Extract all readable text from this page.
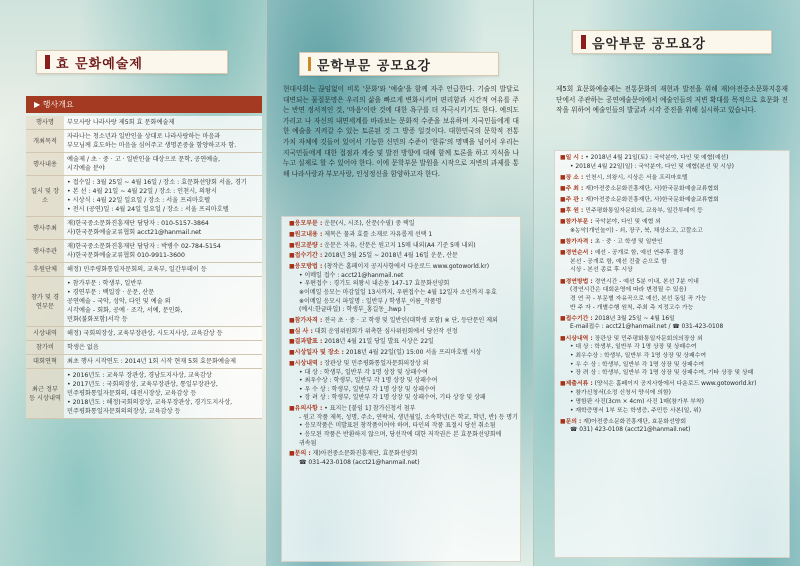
효 문화예술제
▶ 행사개요
행사명	부모사랑 나라사랑 제5회 효 문화예술제

개최목적	자라나는 청소년과 일반인을 상대로 나라사랑하는 마음과
부모님께 효도하는 마음을 심어주고 생명존중을 함양하고자 함.

행사내용	예술제 / 초 · 중 · 고 · 일반인을 대상으로 문학, 공연예술,
시각예술 분야

일시 및 장소	• 접수일 : 3월 25일 ~ 4월 16일 / 장소 : 효문화선양회 서울, 경기
• 본 선 : 4월 21일 ~ 4월 22일 / 장소 : 인천시, 의왕시
• 시상식 : 4월 22일 일요일 / 장소 : 서울 프리마호텔
• 전시 (공연)일 : 4월 24일 일요일 / 장소 : 서울 프리마호텔

행사주최	재)한국중소문화진흥재단 담당자 : 010-5157-3864
사)한국문화예술교류협회 acct21@hanmail.net

행사주관	재)한국중소문화진흥재단 담당자 : 박병수 02-784-5154
사)한국문화예술교류협회 010-9911-3600

후원단체	해정) 민주평화통일자문회의, 교육부, 일간투데이 등

참가 및 경연부문	• 참가부문 : 학생부, 일반부
• 경연부문 : 백일장 · 운문, 산문
공연예술 - 국악, 성악, 다인 및 예술 외
시각예술 - 회화, 공예 · 조각, 서예, 문인화,
민화(불화포함)서각 등

시상내역	해정) 국회의장상, 교육부장관상, 시도지사상, 교육감상 등

참가비	학생은 없음

대회연혁	최초 행사 시작연도 : 2014년 1회 시작 현재 5회 효문화예술제

최근 정부 등 시상내역	• 2016년도 : 교육부 장관상, 경남도지사상, 교육감상
• 2017년도 : 국회의장상, 교육부장관상, 통일부장관상,
민주평화통일자문회의, 대전시장상, 교육감상 등
• 2018년도 : 해정)국회의장상, 교육부장관상, 경기도지사상,
민주평화통일자문회의의장상, 교육감상 등
문학부문 공모요강
현대사회는 끊임없이 비록 '문화'와 '예술'을 함께 자주 언급한다. 기술의 발달로 대변되는 물질문명은 우리의 삶을 빠르게 변화시키며 편리함과 시간적 여유를 주는 반면 정서적인 것, '마음'이란 것에 대한 욕구를 더 자극시키기도 한다. 예의도 가리고 나 자신의 내면세계를 바라보는 문화적 수준을 보유하며 지국민들에게 대한 예술을 지켜갈 수 있는 토론된 것 그 방증 일것이다. 대한민국의 문학적 전통 가치 자체에 깃들어 있어서 기능한 신민의 수준이 '한류'의 명맥을 넘어서 우리는 지국민들에게 대한 접점과 계승 및 발전 방향에 대해 함께 토론을 하고 지식을 나누고 실제로 할 수 있어야 한다. 이에 문학부문 발원을 시작으로 저변의 과제를 통해 나라사랑과 부모사랑, 인성정신을 함양하고자 한다.
■응모부문 : 운문(시, 시조), 산문(수필) 중 택일
■원고내용 : 제목은 물과 효를 소재로 자유롭게 선택 1
■원고분량 : 운문은 자유, 산문은 원고지 15매 내외(A4 기준 5매 내외)
■접수기간 : 2018년 3월 25일 ~ 2018년 4월 16일 운문, 산문
■응모방법 : (창작은 홈페이지 공지사항에서 다운로드 www.gotoworld.kr)
• 이메일 접수 : acct21@hanmail.net
• 우편접수 : 경기도 의왕시 내손동 147-17 효문화선양회
※이메일 응모는 마감일일 13시까지, 우편접수는 4월 12일자 소인까지 유효
※이메일 응모시 파일명 : 일반부 / 학생부_이름_작품명
(예시:한글파일) : 학생부_홍길동_.hwp )
■참가자격 : 전국 초 · 중 · 고 학생 및 일반인(대학생 포함) ※ 단, 등단문인 제외
■심 사 : 대회 운영위원회가 위촉한 심사위원회에서 당선작 선정
■결과발표 : 2018년 4월 21일 당일 발표 시상은 22일
■시상일자 및 장소 : 2018년 4월 22일(일) 15:00 서울 프리마호텔 시상
■시상내역 : 장관상 및 민주평화통일자문회의장상 외
• 대 상 : 학생부, 일반부 각 1명 상장 및 상패수여
• 최우수상 : 학생부, 일반부 각 1명 상장 및 상패수여
• 우 수 상 : 학생부, 일반부 각 1명 상장 및 상패수여
• 장 려 상 : 학생부, 일반부 각 1명 상장 및 상패수여, 기타 상장 및 상패
■유의사항 : • 표지는 [붙임 1] 참가신청서 첨부
- 원고 작품 제목, 성명, 주소, 연락처, 생년월일, 소속학년(은 학교, 학년, 반) 등 명기
• 응모작품은 미발표된 창작품이어야 하며, 타인의 작품 표절시 당선 취소됨
• 응모된 작품은 반환하지 않으며, 당선작에 대한 저작권은 본 효문화선양회에
귀속됨
■문의 : 재)아전중소문화진흥재단, 효문화선양회
☎ 031-423-0108 (acct21@hanmail.net)
음악부문 공모요강
제5회 효문화예술제는 전통문화의 재현과 발전을 위해 재)아전중소문화지흥재단에서 주관하는 공연예술문야에서 예술인들의 저변 확대를 목적으로 효문화 진작을 위하여 예술인들의 발굴과 시각 증진을 위해 실시하고 있습니다.
■일 시 : • 2018년 4월 21일(토) : 국악분야, 다인 및 예협(예선)
• 2018년 4월 22일(일) : 국악분야, 다인 및 예협(본선 및 시상)
■장 소 : 인천시, 의왕시, 시상은 서울 프리마호텔
■주 최 : 재)아전중소문화진흥재단, 사)한국문화예술교류협회
■주 관 : 재)아전중소문화진흥재단, 사)한국문화예술교류협회
■후 원 : 민주평화통일자문회의, 교육부, 일간투데이 등
■참가부문 : 국악분야, 다인 및 예협 외
※농악(개인놀이) - 쇠, 장구, 북, 채상소고, 고깔소고
■참가자격 : 초 · 중 · 고 학생 및 일반인
■경연순서 : 예선 - 공개로 함, 예선 연주후 결정
본선 - 공개로 함, 예선 진출 순으로 함
시상 - 본선 종료 후 시상
■경연방법 : 경연시간 - 예선 5분 이내, 본선 7분 이내
(경연시간은 대회운영에 따라 변경될 수 있음)
경 연 곡 - 부문별 자유곡으로 예선, 본선 동일 곡 가능
반 주 자 - 개별수행 원칙, 주최 측 지정고수 가능
■접수기간 : 2018년 3월 25일 ~ 4월 16일
E-mail접수 : acct21@hanmail.net / ☎ 031-423-0108
■시상내역 : 장관상 및 민주평화통일자문회의의장상 외
• 대 상 : 학생부, 일반부 각 1명 상장 및 상패수여
• 최우수상 : 학생부, 일반부 각 1명 상장 및 상패수여
• 우 수 상 : 학생부, 일반부 각 1명 상장 및 상패수여
• 장 려 상 : 학생부, 일반부 각 1명 상장 및 상패수여, 기타 상장 및 상패
■제출서류 : (양식은 홈페이지 공지사항에서 다운로드 www.gotoworld.kr)
• 참가신청서(소정 신청서 양식에 의함)
• 명함판 사진(3cm × 4cm) 사진 1매(참가부 부착)
• 재학증명서 1부 또는 학생증, 주민등 사본(일, 위)
■문의 : 재)아전중소문화진흥재단, 효문화선양회
☎ 031) 423-0108 (acct21@hanmail.net)
